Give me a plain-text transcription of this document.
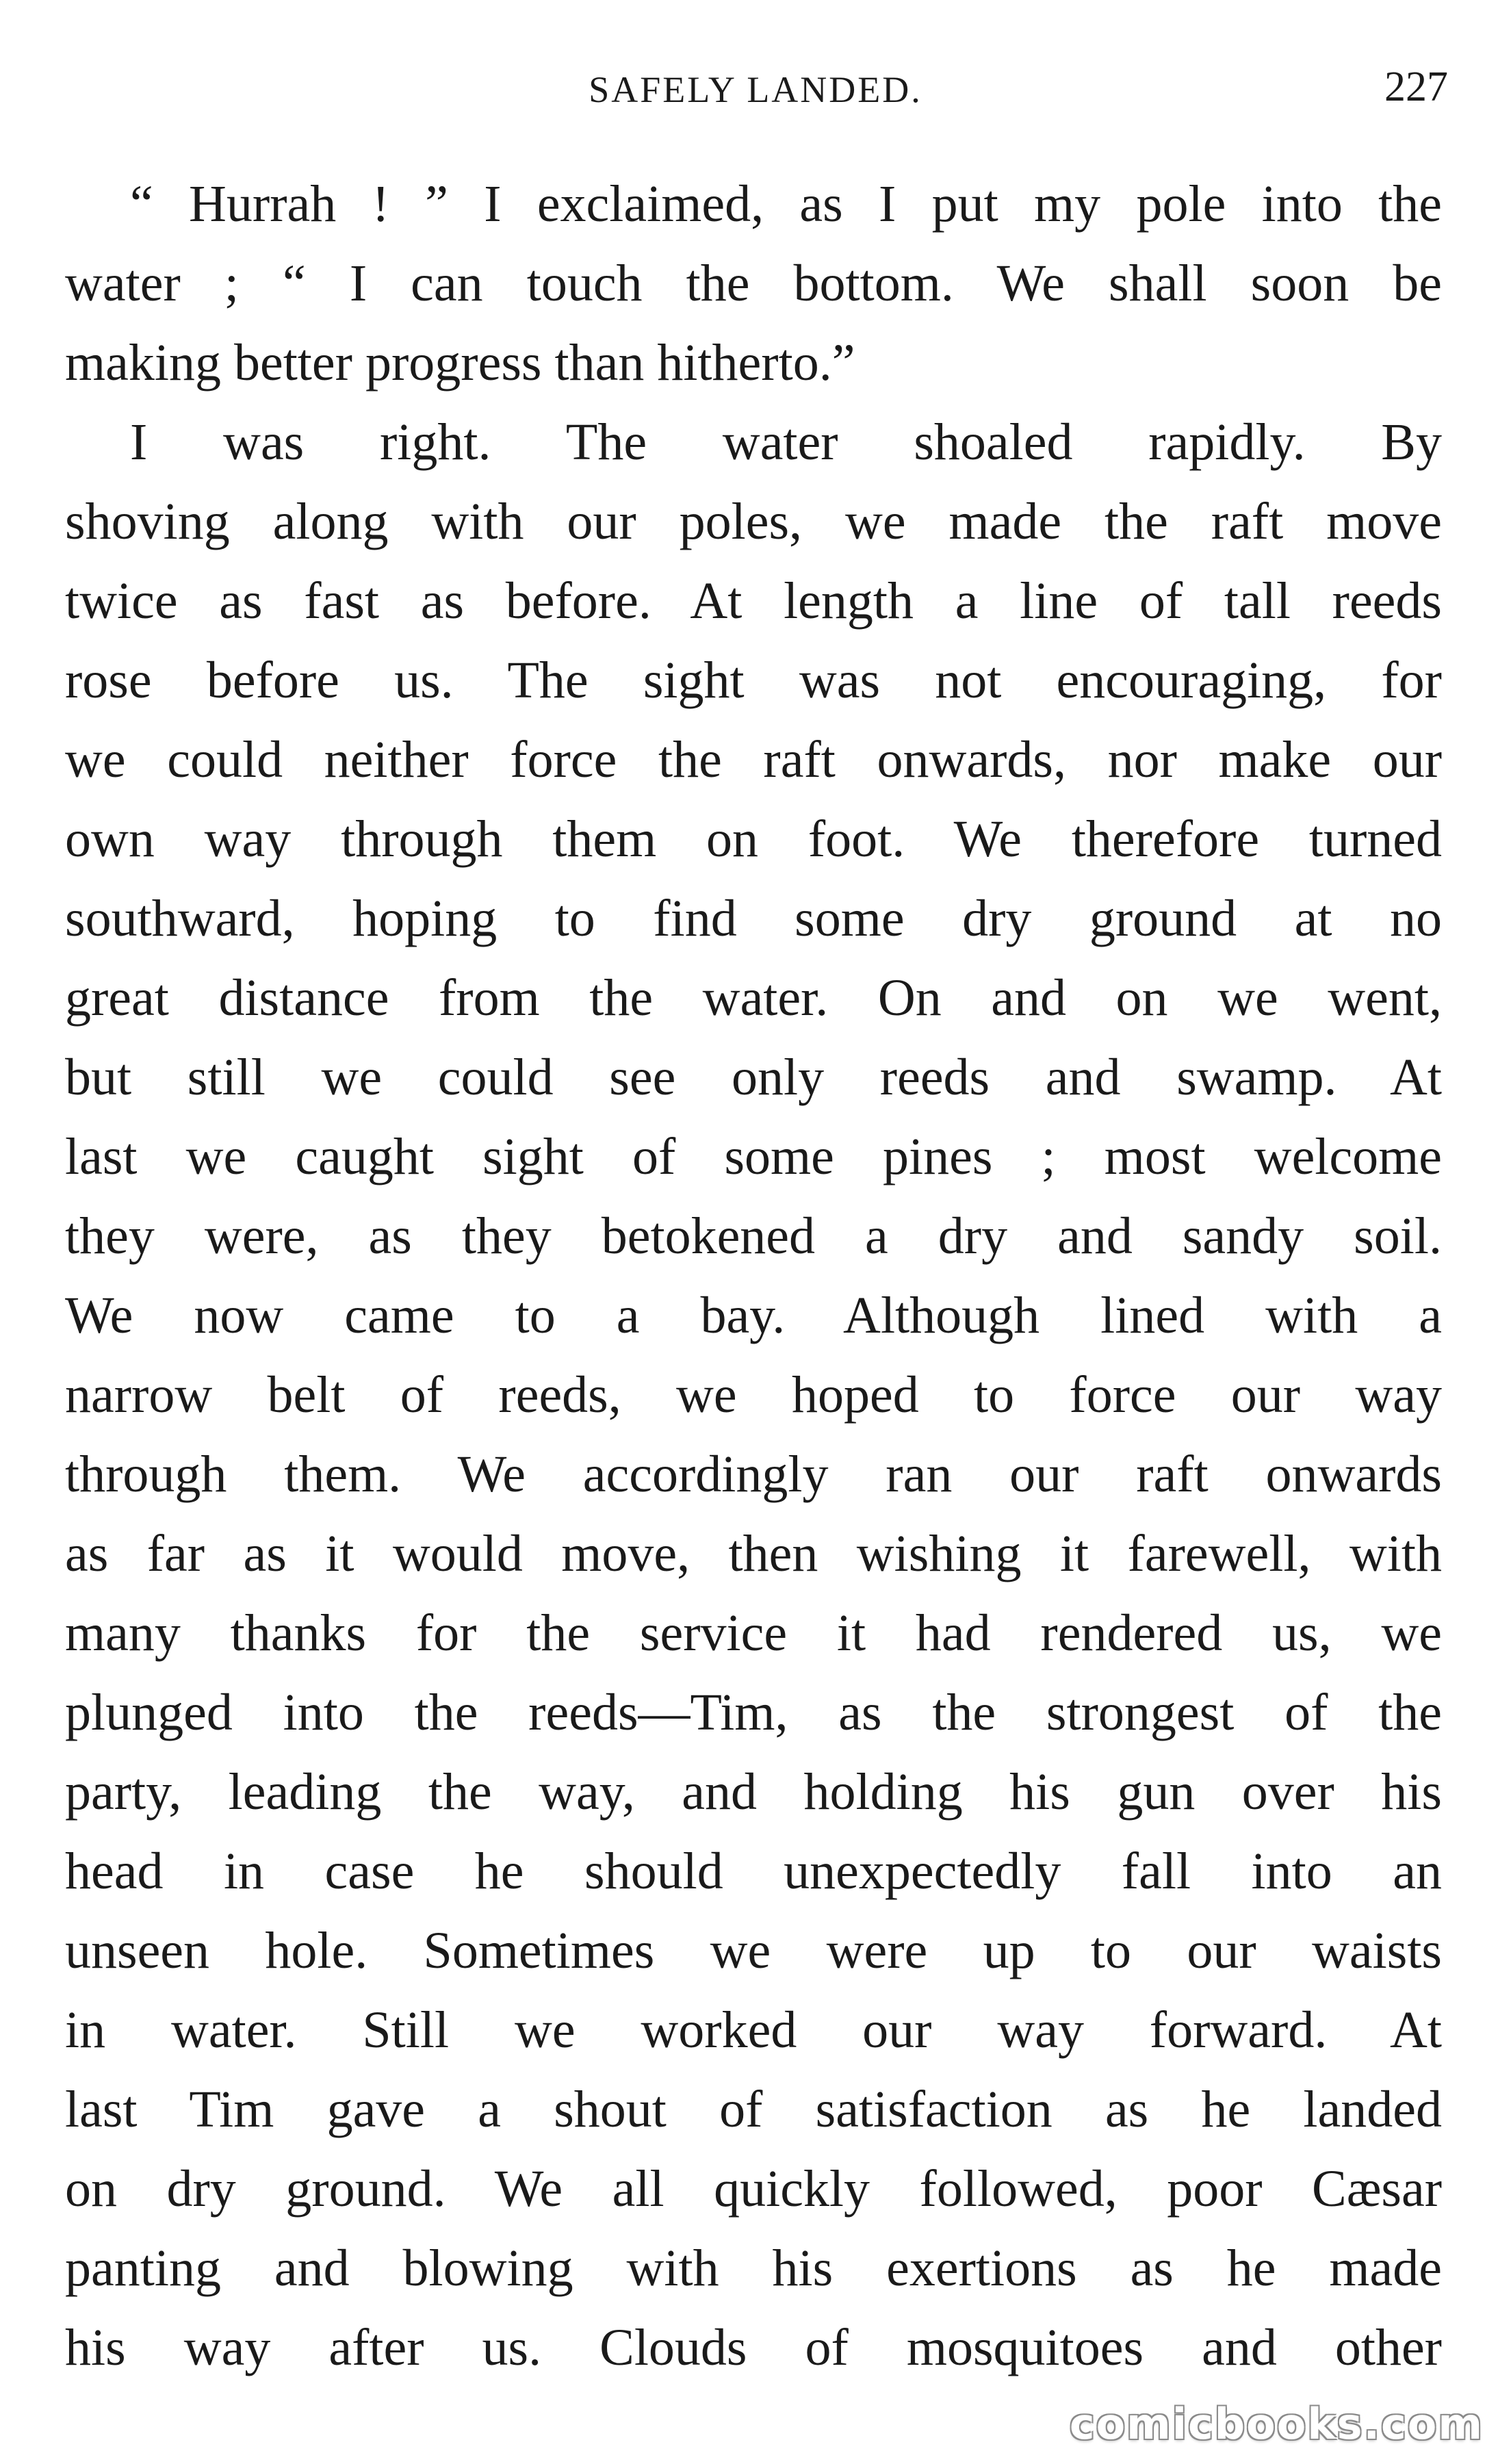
SAFELY LANDED.	227
“ Hurrah ! ” I exclaimed, as I put my pole into the
water ; “ I can touch the bottom. We shall soon be
making better progress than hitherto.”
I was right. The water shoaled rapidly. By
shoving along with our poles, we made the raft move
twice as fast as before. At length a line of tall reeds
rose before us. The sight was not encouraging, for
we could neither force the raft onwards, nor make our
own way through them on foot. We therefore turned
southward, hoping to find some dry ground at no
great distance from the water. On and on we went,
but still we could see only reeds and swamp. At
last we caught sight of some pines ; most welcome
they were, as they betokened a dry and sandy soil.
We now came to a bay. Although lined with a
narrow belt of reeds, we hoped to force our way
through them. We accordingly ran our raft onwards
as far as it would move, then wishing it farewell, with
many thanks for the service it had rendered us, we
plunged into the reeds—Tim, as the strongest of the
party, leading the way, and holding his gun over his
head in case he should unexpectedly fall into an
unseen hole. Sometimes we were up to our waists
in water. Still we worked our way forward. At
last Tim gave a shout of satisfaction as he landed
on dry ground. We all quickly followed, poor Cæsar
panting and blowing with his exertions as he made
his way after us. Clouds of mosquitoes and other
comicbooks.com
